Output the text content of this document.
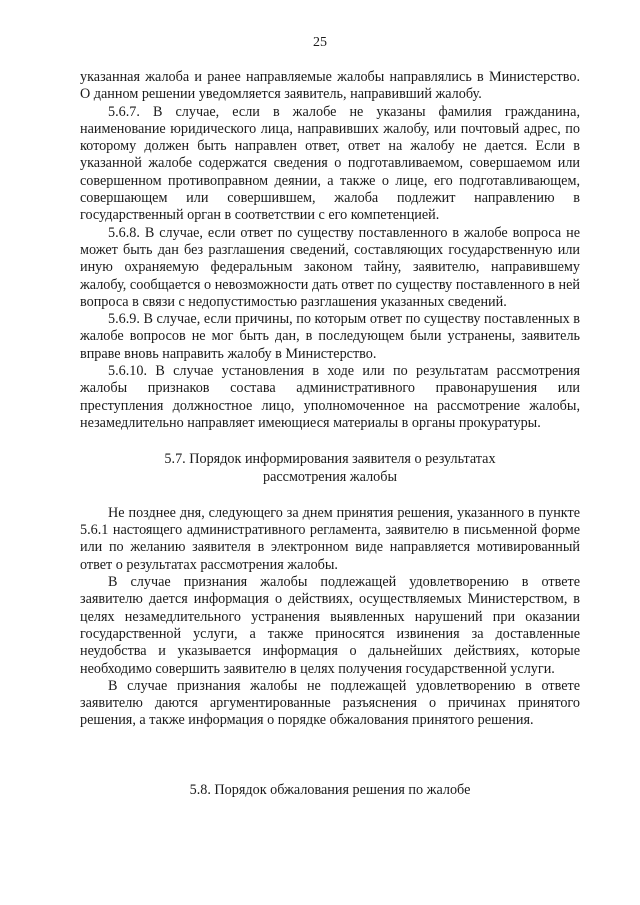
25

указанная жалоба и ранее направляемые жалобы направлялись в Министерство. О данном решении уведомляется заявитель, направивший жалобу.

5.6.7. В случае, если в жалобе не указаны фамилия гражданина, наименование юридического лица, направивших жалобу, или почтовый адрес, по которому должен быть направлен ответ, ответ на жалобу не дается. Если в указанной жалобе содержатся сведения о подготавливаемом, совершаемом или совершенном противоправном деянии, а также о лице, его подготавливающем, совершающем или совершившем, жалоба подлежит направлению в государственный орган в соответствии с его компетенцией.

5.6.8. В случае, если ответ по существу поставленного в жалобе вопроса не может быть дан без разглашения сведений, составляющих государственную или иную охраняемую федеральным законом тайну, заявителю, направившему жалобу, сообщается о невозможности дать ответ по существу поставленного в ней вопроса в связи с недопустимостью разглашения указанных сведений.

5.6.9. В случае, если причины, по которым ответ по существу поставленных в жалобе вопросов не мог быть дан, в последующем были устранены, заявитель вправе вновь направить жалобу в Министерство.

5.6.10. В случае установления в ходе или по результатам рассмотрения жалобы признаков состава административного правонарушения или преступления должностное лицо, уполномоченное на рассмотрение жалобы, незамедлительно направляет имеющиеся материалы в органы прокуратуры.

5.7. Порядок информирования заявителя о результатах
рассмотрения жалобы

Не позднее дня, следующего за днем принятия решения, указанного в пункте 5.6.1 настоящего административного регламента, заявителю в письменной форме или по желанию заявителя в электронном виде направляется мотивированный ответ о результатах рассмотрения жалобы.

В случае признания жалобы подлежащей удовлетворению в ответе заявителю дается информация о действиях, осуществляемых Министерством, в целях незамедлительного устранения выявленных нарушений при оказании государственной услуги, а также приносятся извинения за доставленные неудобства и указывается информация о дальнейших действиях, которые необходимо совершить заявителю в целях получения государственной услуги.

В случае признания жалобы не подлежащей удовлетворению в ответе заявителю даются аргументированные разъяснения о причинах принятого решения, а также информация о порядке обжалования принятого решения.

5.8. Порядок обжалования решения по жалобе
